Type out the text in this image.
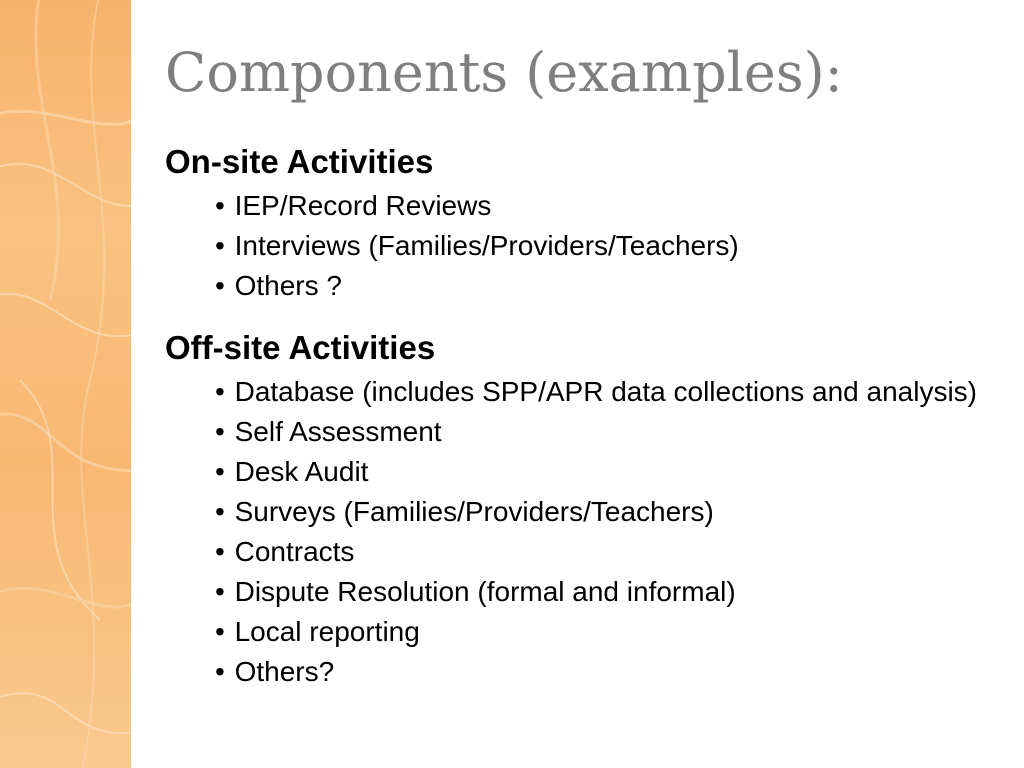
Components (examples):

On-site Activities

• IEP/Record Reviews
• Interviews (Families/Providers/Teachers)
• Others ?

Off-site Activities

• Database (includes SPP/APR data collections and analysis)
• Self Assessment
• Desk Audit
• Surveys (Families/Providers/Teachers)
• Contracts
• Dispute Resolution (formal and informal)
• Local reporting
• Others?
